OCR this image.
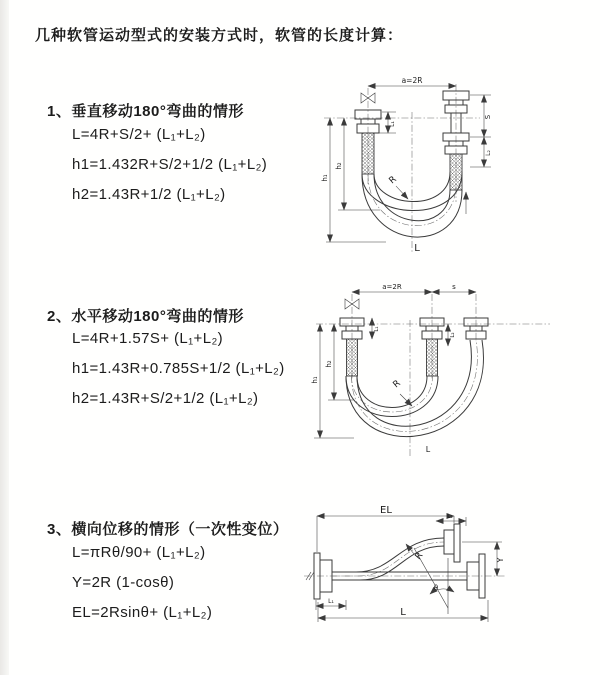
几种软管运动型式的安装方式时，软管的长度计算：
1、垂直移动180°弯曲的情形
L=4R+S/2+ (L₁+L₂)
h1=1.432R+S/2+1/2 (L₁+L₂)
h2=1.43R+1/2 (L₁+L₂)
a=2R
R
L
h₁
h₂
L₁
S
L₂
2、水平移动180°弯曲的情形
L=4R+1.57S+ (L₁+L₂)
h1=1.43R+0.785S+1/2 (L₁+L₂)
h2=1.43R+S/2+1/2 (L₁+L₂)
a=2R	s
R
L
h₁
h₂
L₁
L₂
3、横向位移的情形（一次性变位）
L=πRθ/90+ (L₁+L₂)
Y=2R (1-cosθ)
EL=2Rsinθ+ (L₁+L₂)
EL
L₂
Y
R
θ
L₁
L
